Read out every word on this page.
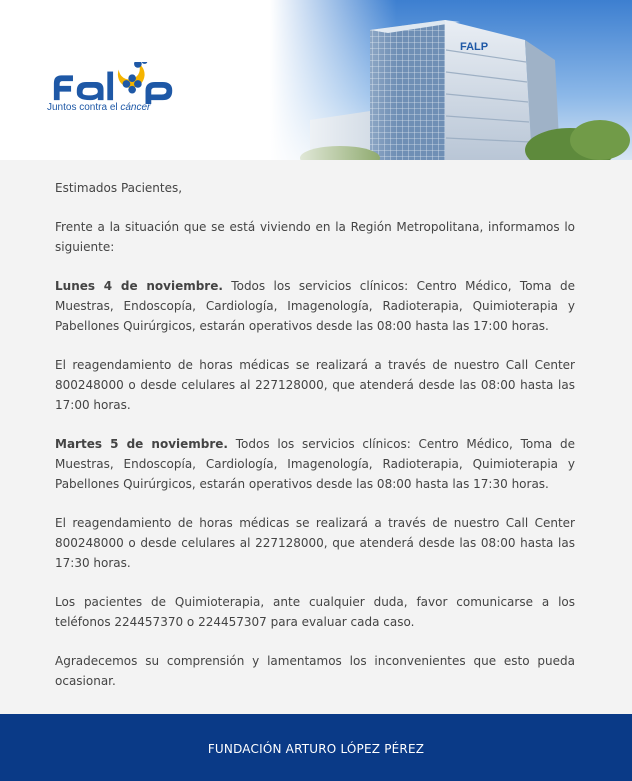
Juntos contra el cáncer

Estimados Pacientes,

Frente a la situación que se está viviendo en la Región Metropolitana, informamos lo siguiente:

Lunes 4 de noviembre. Todos los servicios clínicos: Centro Médico, Toma de Muestras, Endoscopía, Cardiología, Imagenología, Radioterapia, Quimioterapia y Pabellones Quirúrgicos, estarán operativos desde las 08:00 hasta las 17:00 horas.

El reagendamiento de horas médicas se realizará a través de nuestro Call Center 800248000 o desde celulares al 227128000, que atenderá desde las 08:00 hasta las 17:00 horas.

Martes 5 de noviembre. Todos los servicios clínicos: Centro Médico, Toma de Muestras, Endoscopía, Cardiología, Imagenología, Radioterapia, Quimioterapia y Pabellones Quirúrgicos, estarán operativos desde las 08:00 hasta las 17:30 horas.

El reagendamiento de horas médicas se realizará a través de nuestro Call Center 800248000 o desde celulares al 227128000, que atenderá desde las 08:00 hasta las 17:30 horas.

Los pacientes de Quimioterapia, ante cualquier duda, favor comunicarse a los teléfonos 224457370 o 224457307 para evaluar cada caso.

Agradecemos su comprensión y lamentamos los inconvenientes que esto pueda ocasionar.

FUNDACIÓN ARTURO LÓPEZ PÉREZ
